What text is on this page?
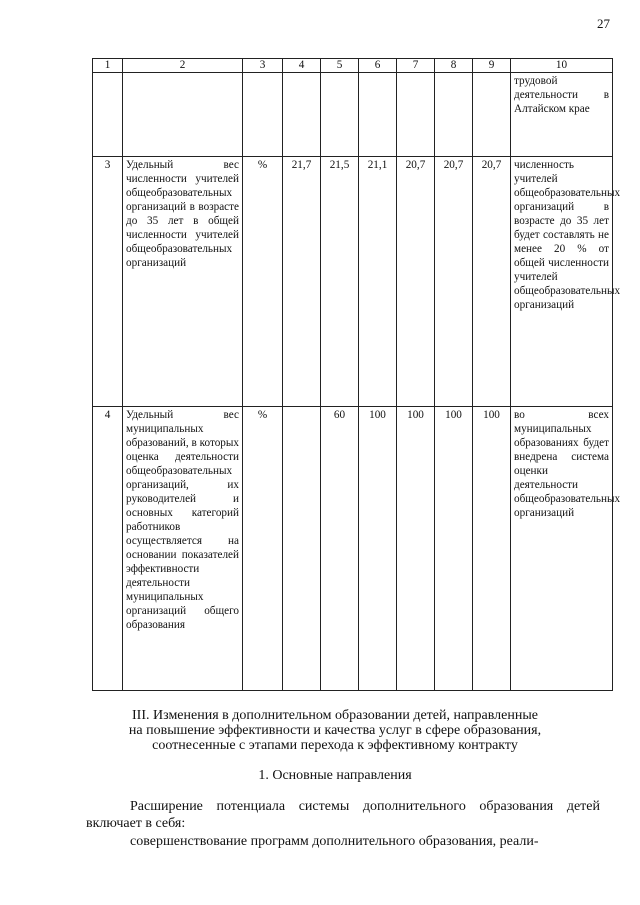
27
1	2	3	4	5	6	7	8	9	10
									трудовой деятельности в Алтайском крае
3	Удельный вес численности учителей общеобразовательных организаций в возрасте до 35 лет в общей численности учителей общеобразовательных организаций	%	21,7	21,5	21,1	20,7	20,7	20,7	численность учителей общеобразовательных организаций в возрасте до 35 лет будет составлять не менее 20 % от общей численности учителей общеобразовательных организаций
4	Удельный вес муниципальных образований, в которых оценка деятельности общеобразовательных организаций, их руководителей и основных категорий работников осуществляется на основании показателей эффективности деятельности муниципальных организаций общего образования	%		60	100	100	100	100	во всех муниципальных образованиях будет внедрена система оценки деятельности общеобразовательных организаций
III. Изменения в дополнительном образовании детей, направленные
на повышение эффективности и качества услуг в сфере образования,
соотнесенные с этапами перехода к эффективному контракту
1. Основные направления
Расширение потенциала системы дополнительного образования детей включает в себя:
совершенствование программ дополнительного образования, реали-
